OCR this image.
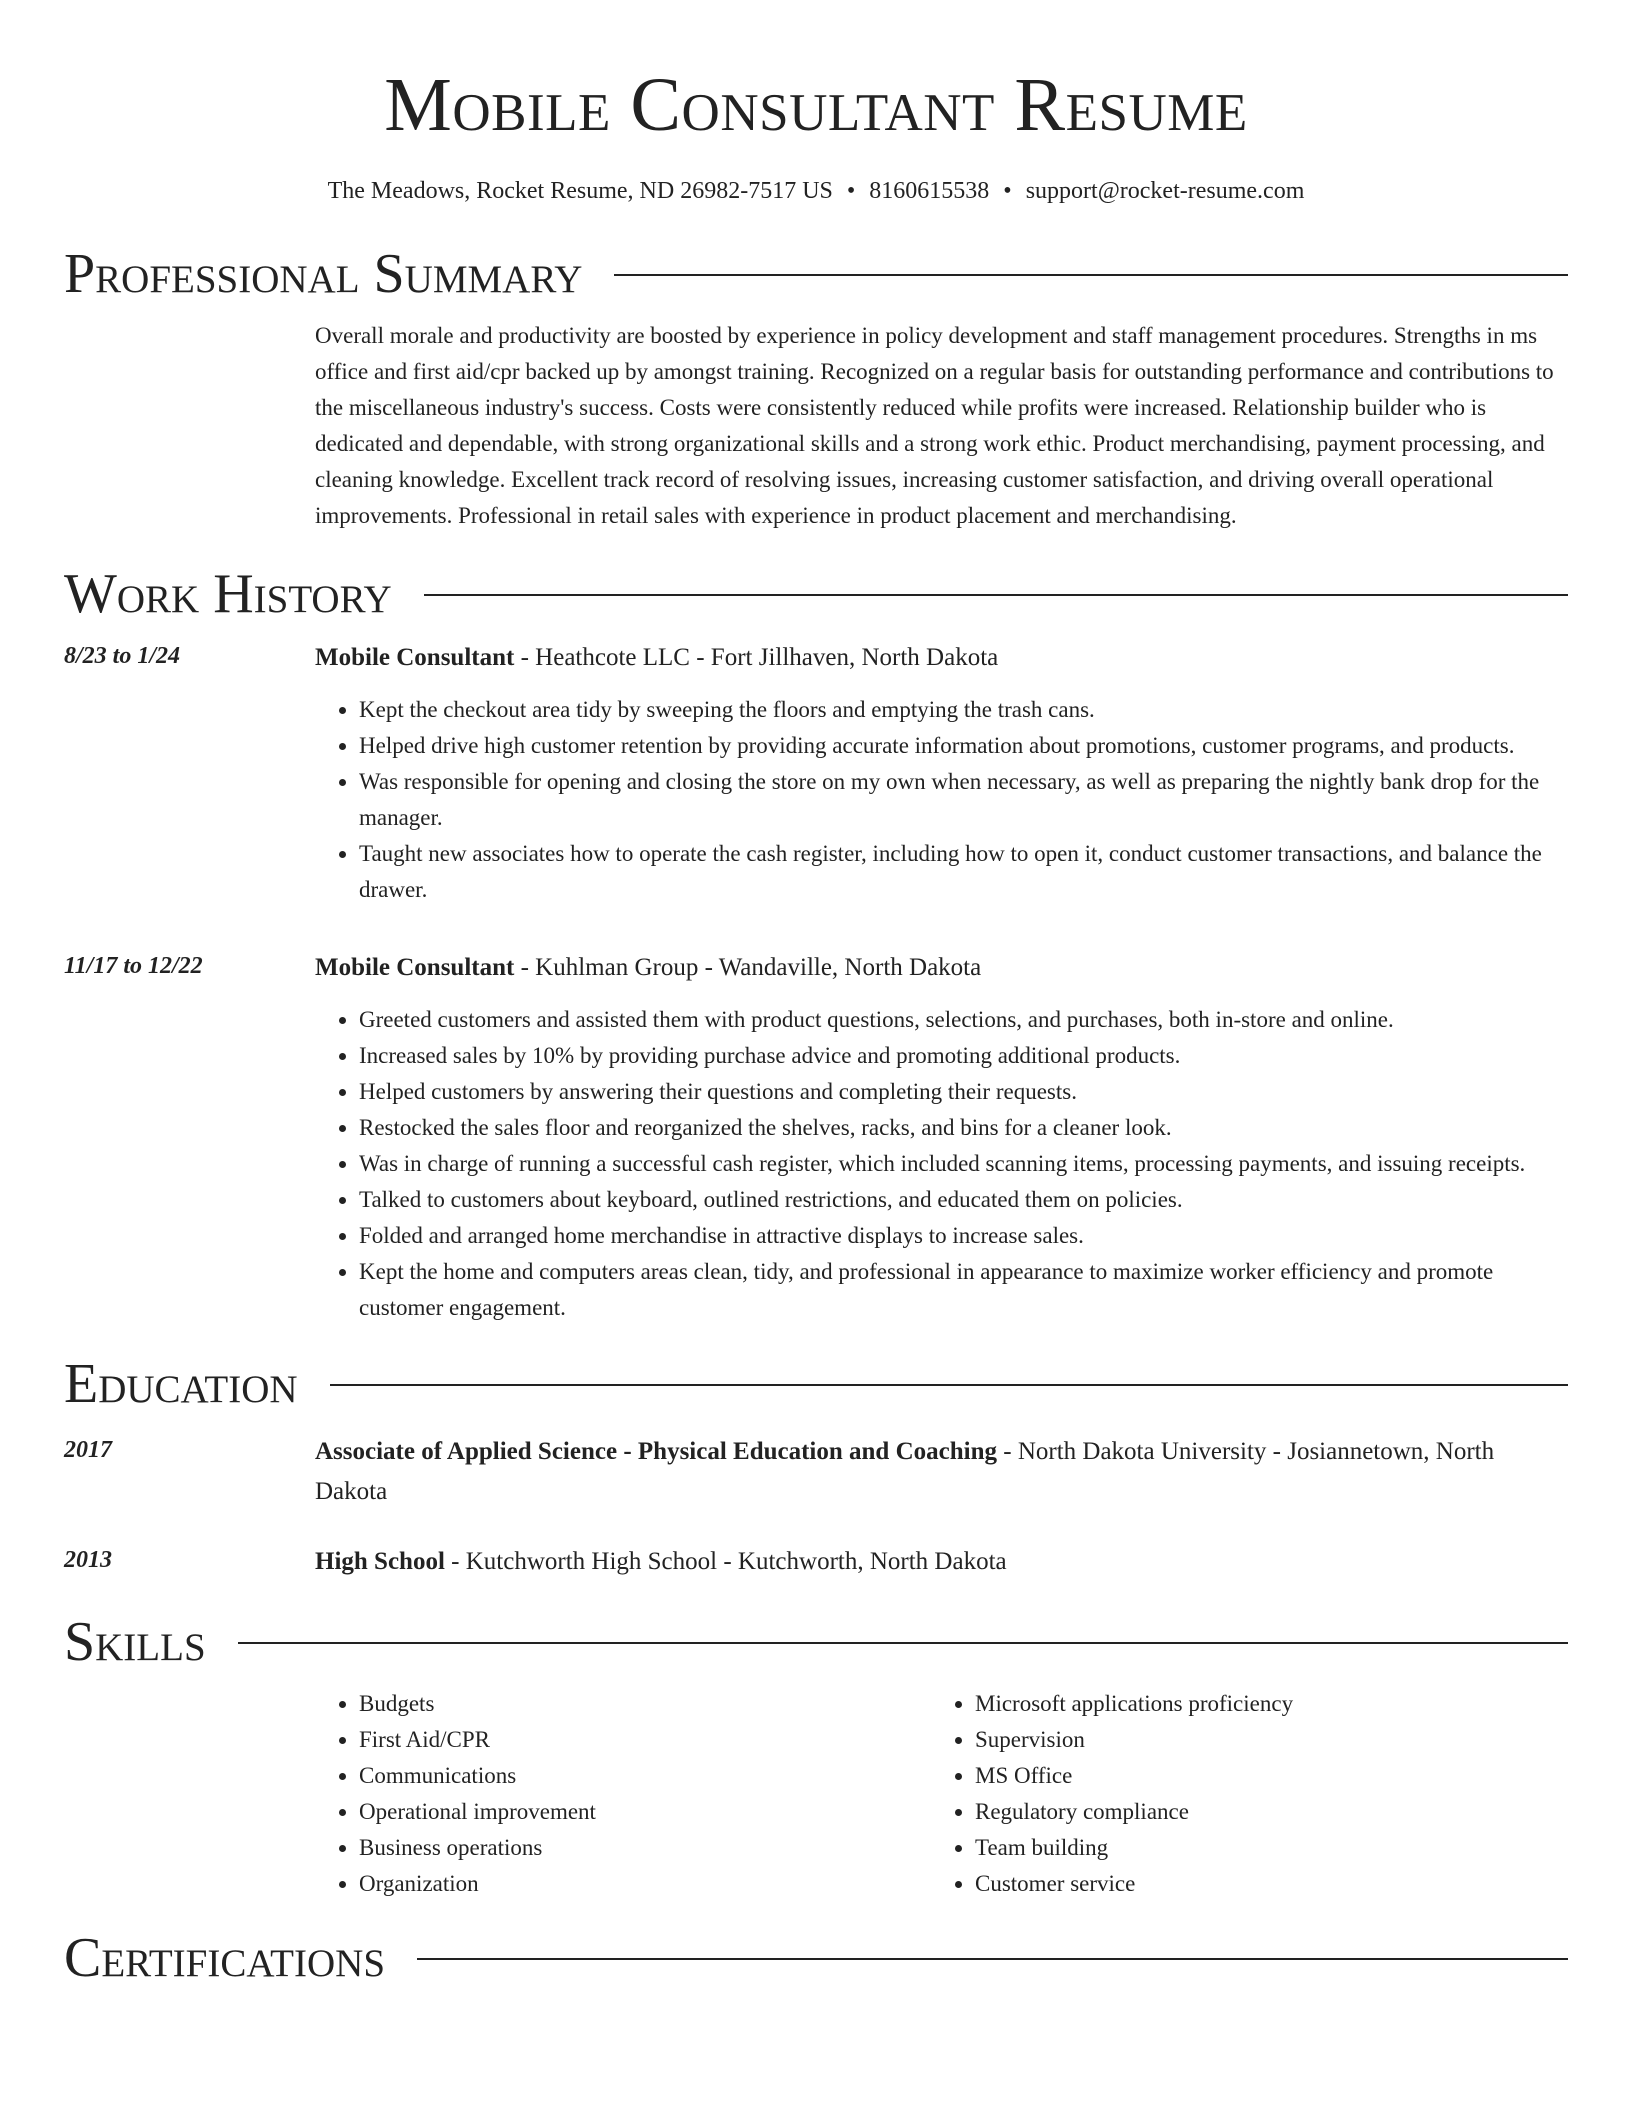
Mobile Consultant Resume
The Meadows, Rocket Resume, ND 26982-7517 US • 8160615538 • support@rocket-resume.com
Professional Summary
Overall morale and productivity are boosted by experience in policy development and staff management procedures. Strengths in ms office and first aid/cpr backed up by amongst training. Recognized on a regular basis for outstanding performance and contributions to the miscellaneous industry's success. Costs were consistently reduced while profits were increased. Relationship builder who is dedicated and dependable, with strong organizational skills and a strong work ethic. Product merchandising, payment processing, and cleaning knowledge. Excellent track record of resolving issues, increasing customer satisfaction, and driving overall operational improvements. Professional in retail sales with experience in product placement and merchandising.
Work History
8/23 to 1/24	Mobile Consultant - Heathcote LLC - Fort Jillhaven, North Dakota
• Kept the checkout area tidy by sweeping the floors and emptying the trash cans.
• Helped drive high customer retention by providing accurate information about promotions, customer programs, and products.
• Was responsible for opening and closing the store on my own when necessary, as well as preparing the nightly bank drop for the manager.
• Taught new associates how to operate the cash register, including how to open it, conduct customer transactions, and balance the drawer.
11/17 to 12/22	Mobile Consultant - Kuhlman Group - Wandaville, North Dakota
• Greeted customers and assisted them with product questions, selections, and purchases, both in-store and online.
• Increased sales by 10% by providing purchase advice and promoting additional products.
• Helped customers by answering their questions and completing their requests.
• Restocked the sales floor and reorganized the shelves, racks, and bins for a cleaner look.
• Was in charge of running a successful cash register, which included scanning items, processing payments, and issuing receipts.
• Talked to customers about keyboard, outlined restrictions, and educated them on policies.
• Folded and arranged home merchandise in attractive displays to increase sales.
• Kept the home and computers areas clean, tidy, and professional in appearance to maximize worker efficiency and promote customer engagement.
Education
2017	Associate of Applied Science - Physical Education and Coaching - North Dakota University - Josiannetown, North Dakota
2013	High School - Kutchworth High School - Kutchworth, North Dakota
Skills
• Budgets
• First Aid/CPR
• Communications
• Operational improvement
• Business operations
• Organization
• Microsoft applications proficiency
• Supervision
• MS Office
• Regulatory compliance
• Team building
• Customer service
Certifications
